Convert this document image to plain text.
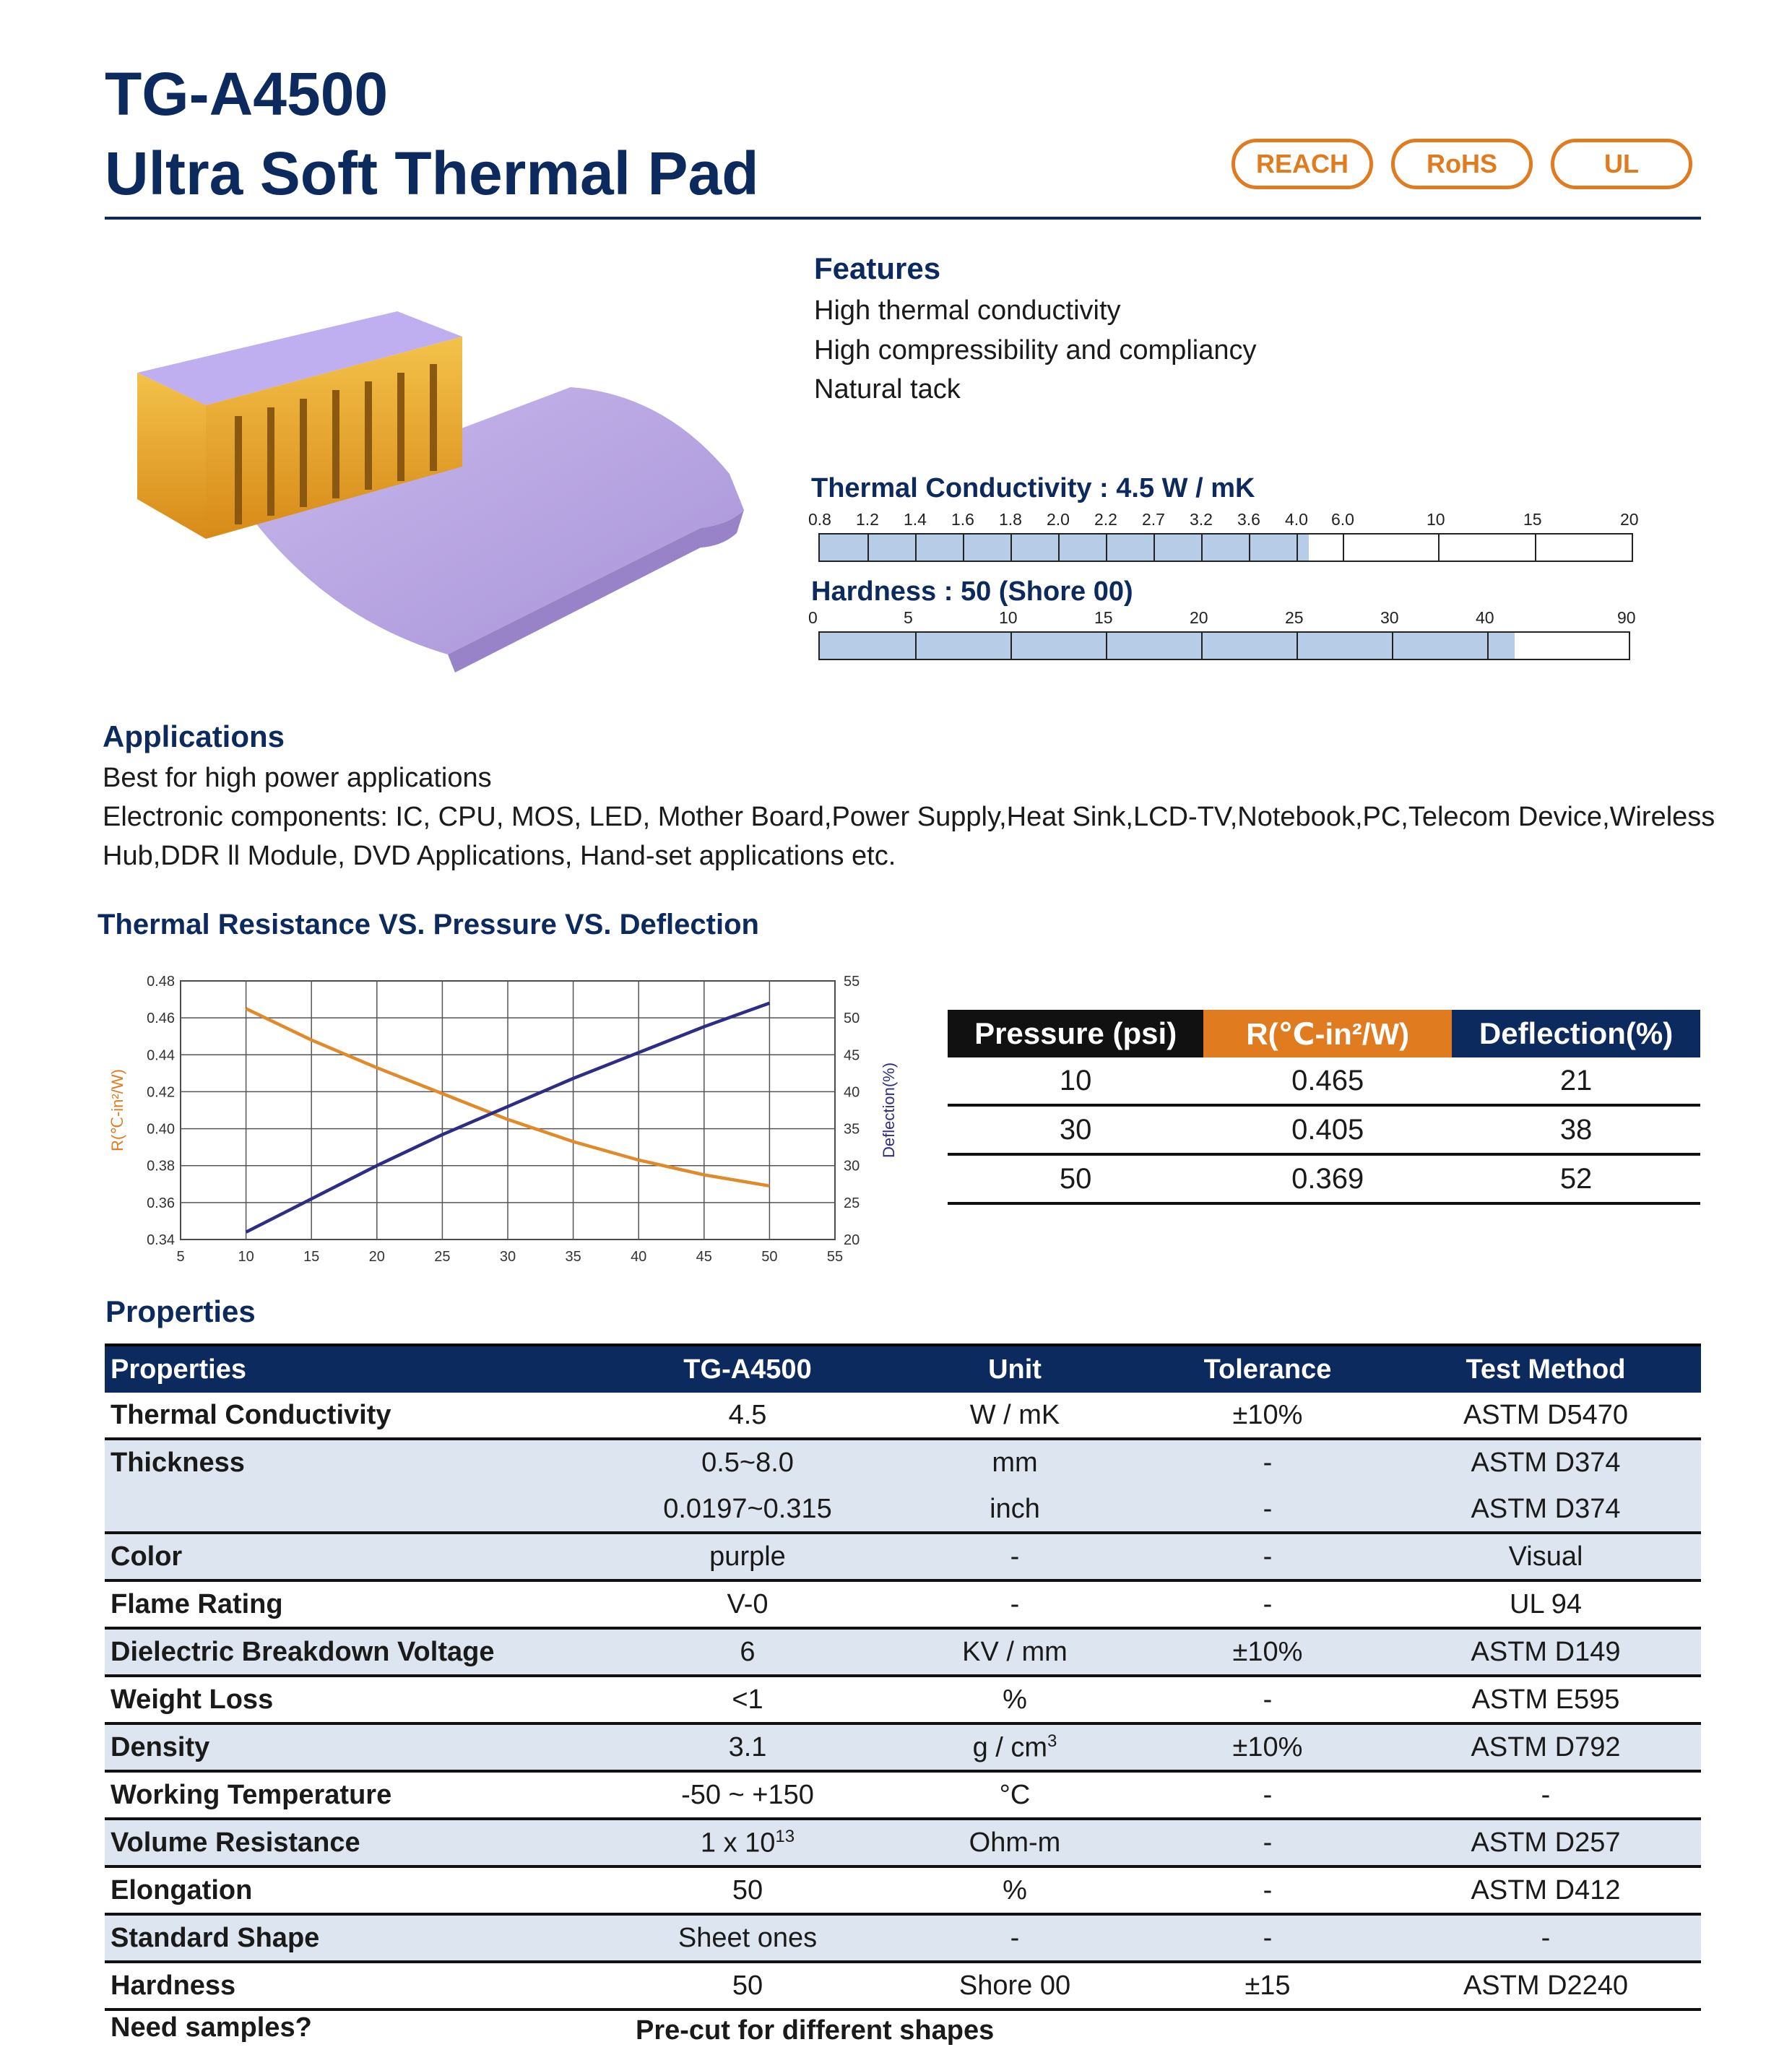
TG-A4500
Ultra Soft Thermal Pad	REACH	RoHS	UL
Features
High thermal conductivity
High compressibility and compliancy
Natural tack
Thermal Conductivity : 4.5 W / mK
0.8 1.2 1.4 1.6 1.8 2.0 2.2 2.7 3.2 3.6 4.0 6.0	10	15	20
Hardness : 50 (Shore 00)
0	5	10	15	20	25	30	40	90
Applications
Best for high power applications
Electronic components: IC, CPU, MOS, LED, Mother Board,Power Supply,Heat Sink,LCD-TV,Notebook,PC,Telecom Device,Wireless
Hub,DDR ll Module, DVD Applications, Hand-set applications etc.
Thermal Resistance VS. Pressure VS. Deflection
5	10	15	20	25	30	35	40	45	50	55
0.34
0.36
0.38
0.40
0.42
0.44
0.46
0.48
20
25
30
35
40
45
50
55
R(℃-in²/W)	Deflection(%)
Pressure (psi)	R(℃-in²/W)	Deflection(%)
10	0.465	21
30	0.405	38
50	0.369	52
Properties
Properties	TG-A4500	Unit	Tolerance	Test Method
Thermal Conductivity	4.5	W / mK	±10%	ASTM D5470
Thickness	0.5~8.0	mm	-	ASTM D374
	0.0197~0.315	inch	-	ASTM D374
Color	purple	-	-	Visual
Flame Rating	V-0	-	-	UL 94
Dielectric Breakdown Voltage	6	KV / mm	±10%	ASTM D149
Weight Loss	<1	%	-	ASTM E595
Density	3.1	g / $cm^3$	±10%	ASTM D792
Working Temperature	-50 ~ +150	°C	-	-
Volume Resistance	1 x $10^{13}$	Ohm-m	-	ASTM D257
Elongation	50	%	-	ASTM D412
Standard Shape	Sheet ones	-	-	-
Hardness	50	Shore 00	±15	ASTM D2240
Need samples?	Pre-cut for different shapes
